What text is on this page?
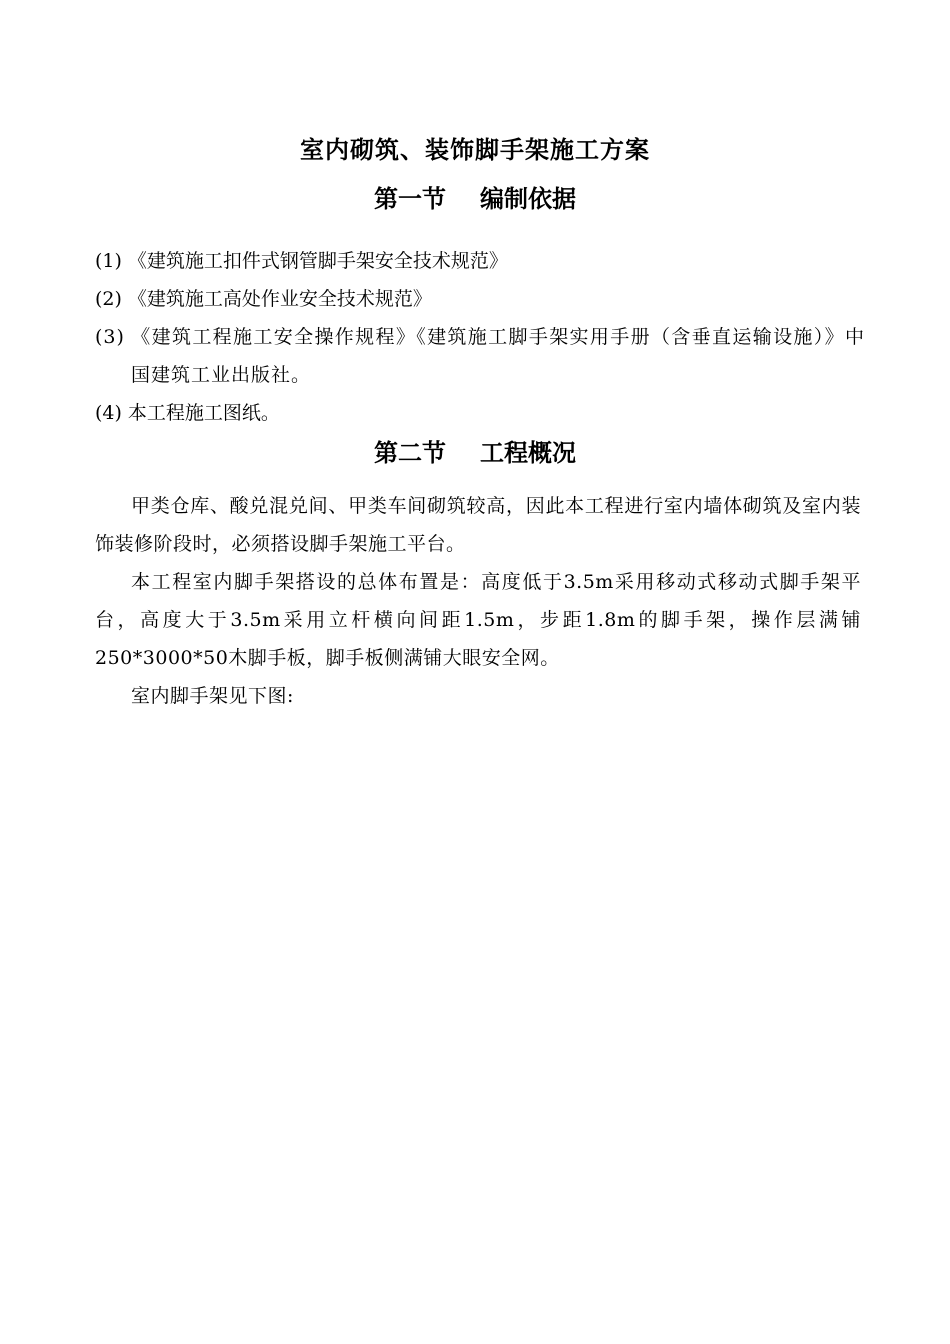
室内砌筑、装饰脚手架施工方案
第一节 编制依据
(1) 《建筑施工扣件式钢管脚手架安全技术规范》
(2) 《建筑施工高处作业安全技术规范》
(3) 《建筑工程施工安全操作规程》《建筑施工脚手架实用手册（含垂直运输设施）》中国建筑工业出版社。
(4) 本工程施工图纸。
第二节 工程概况

甲类仓库、酸兑混兑间、甲类车间砌筑较高，因此本工程进行室内墙体砌筑及室内装饰装修阶段时，必须搭设脚手架施工平台。

本工程室内脚手架搭设的总体布置是：高度低于3.5m采用移动式移动式脚手架平台，高度大于3.5m采用立杆横向间距1.5m，步距1.8m的脚手架，操作层满铺250*3000*50木脚手板，脚手板侧满铺大眼安全网。

室内脚手架见下图:
